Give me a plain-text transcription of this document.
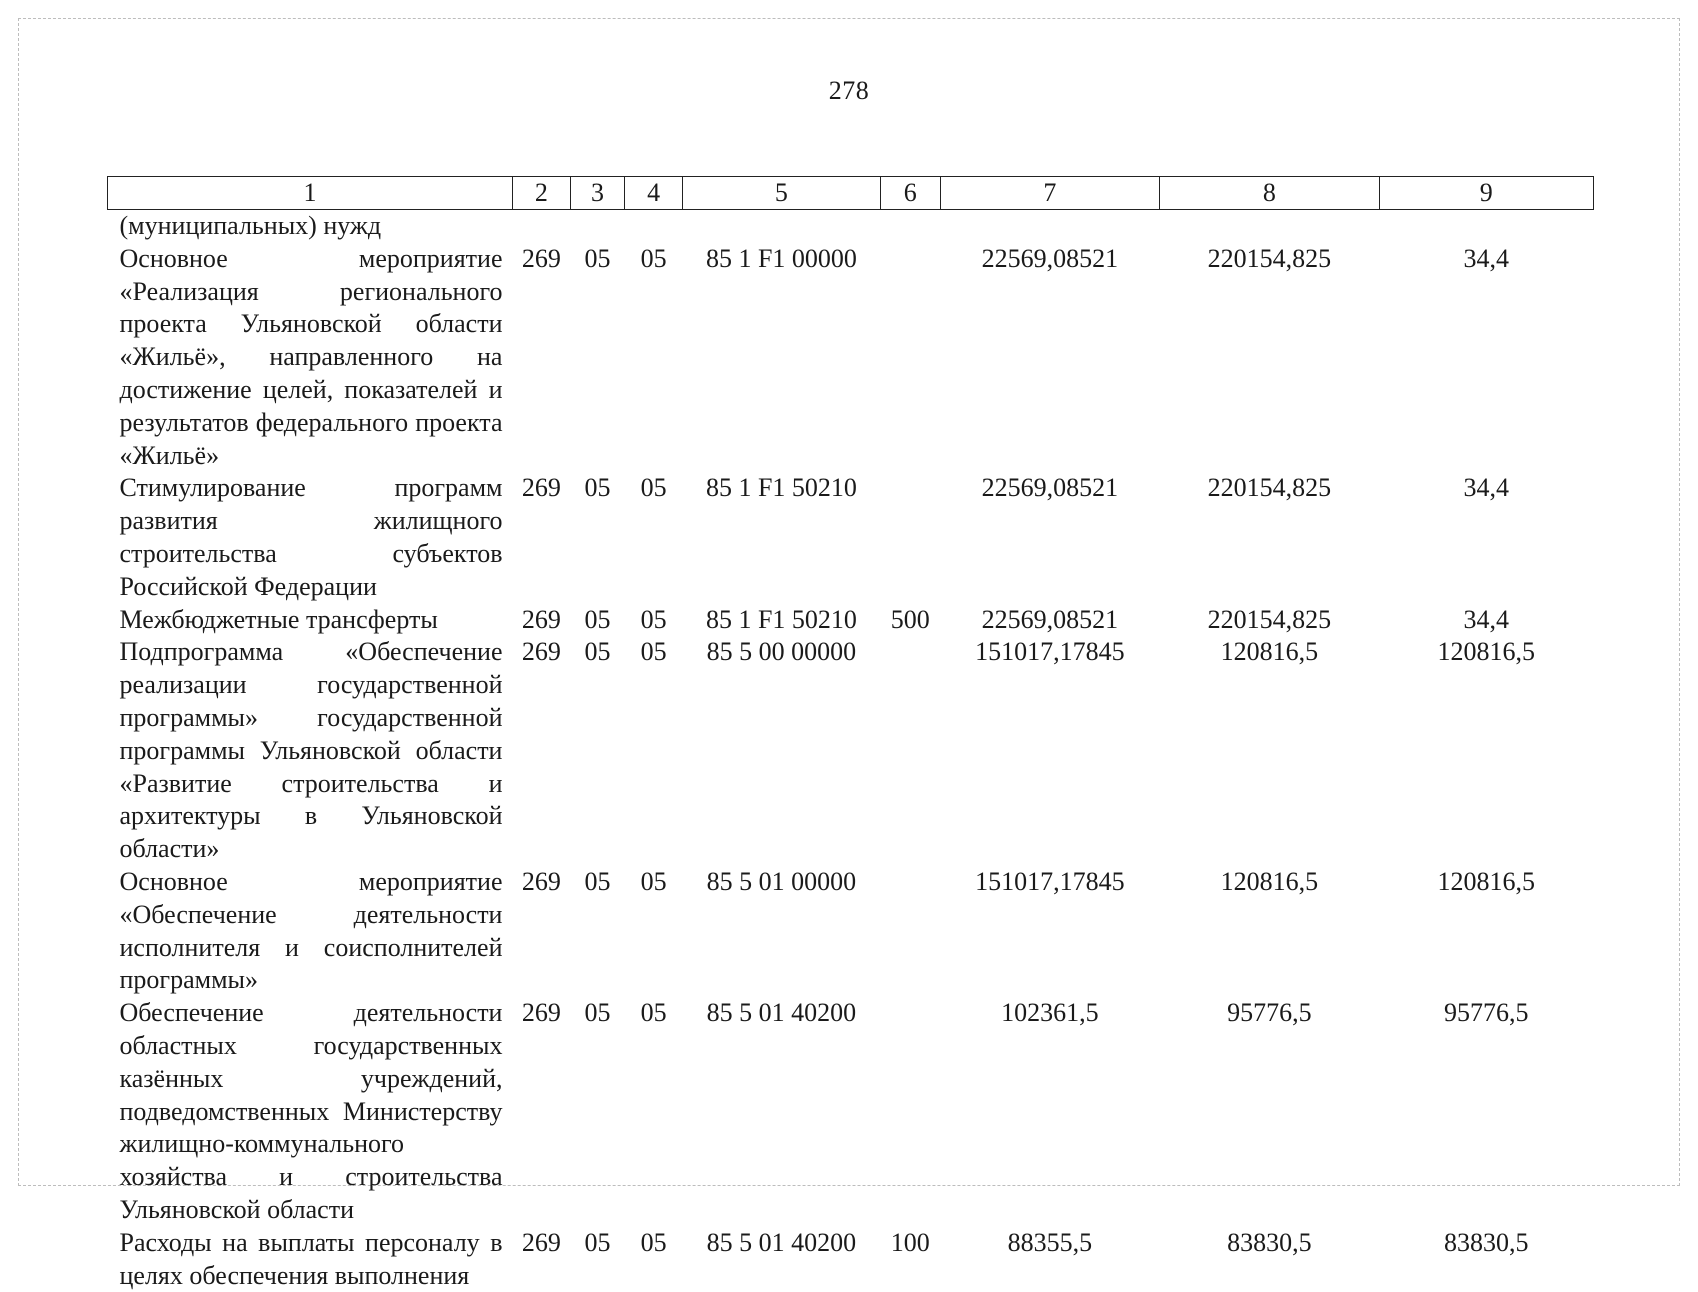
278
1	2	3	4	5	6	7	8	9
(муниципальных) нужд								
Основное мероприятие «Реализация регионального проекта Ульяновской области «Жильё», направленного на достижение целей, показателей и результатов федерального проекта «Жильё»	269	05	05	85 1 F1 00000		22569,08521	220154,825	34,4
Стимулирование программ развития жилищного строительства субъектов Российской Федерации	269	05	05	85 1 F1 50210		22569,08521	220154,825	34,4
Межбюджетные трансферты	269	05	05	85 1 F1 50210	500	22569,08521	220154,825	34,4
Подпрограмма «Обеспечение реализации государственной программы» государственной программы Ульяновской области «Развитие строительства и архитектуры в Ульяновской области»	269	05	05	85 5 00 00000		151017,17845	120816,5	120816,5
Основное мероприятие «Обеспечение деятельности исполнителя и соисполнителей программы»	269	05	05	85 5 01 00000		151017,17845	120816,5	120816,5
Обеспечение деятельности областных государственных казённых учреждений, подведомственных Министерству жилищно-коммунального хозяйства и строительства Ульяновской области	269	05	05	85 5 01 40200		102361,5	95776,5	95776,5
Расходы на выплаты персоналу в целях обеспечения выполнения	269	05	05	85 5 01 40200	100	88355,5	83830,5	83830,5
